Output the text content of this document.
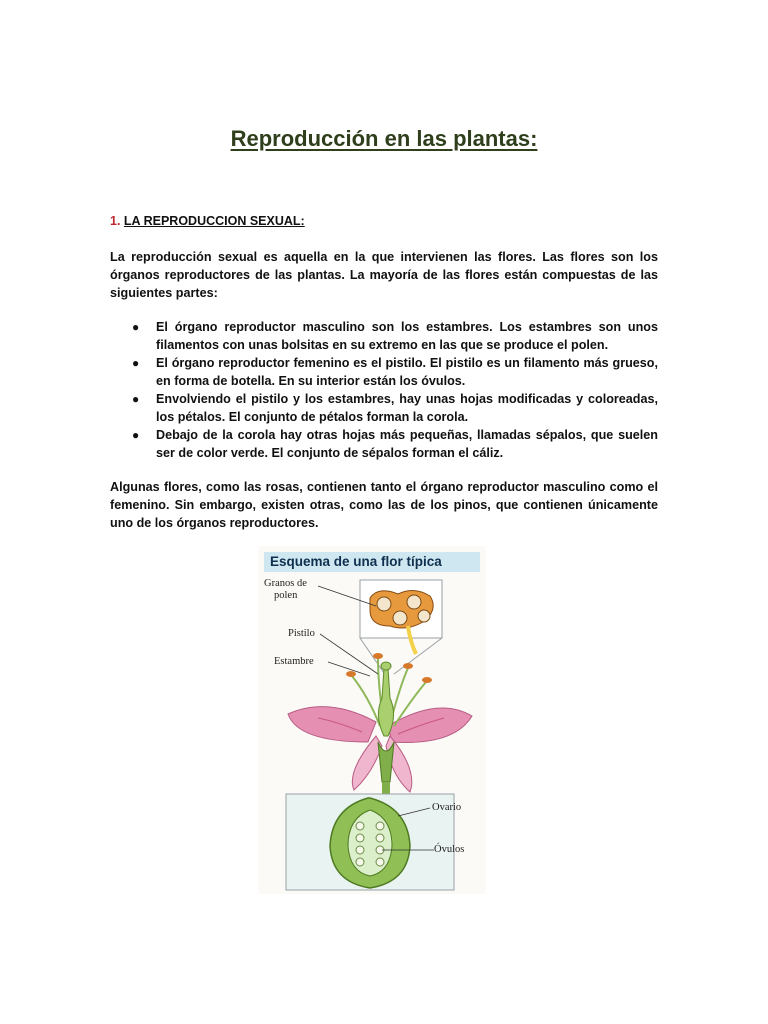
Reproducción en las plantas:
1. LA REPRODUCCION SEXUAL:
La reproducción sexual es aquella en la que intervienen las flores. Las flores son los órganos reproductores de las plantas. La mayoría de las flores están compuestas de las siguientes partes:
● El órgano reproductor masculino son los estambres. Los estambres son unos filamentos con unas bolsitas en su extremo en las que se produce el polen.
● El órgano reproductor femenino es el pistilo. El pistilo es un filamento más grueso, en forma de botella. En su interior están los óvulos.
● Envolviendo el pistilo y los estambres, hay unas hojas modificadas y coloreadas, los pétalos. El conjunto de pétalos forman la corola.
● Debajo de la corola hay otras hojas más pequeñas, llamadas sépalos, que suelen ser de color verde. El conjunto de sépalos forman el cáliz.
Algunas flores, como las rosas, contienen tanto el órgano reproductor masculino como el femenino. Sin embargo, existen otras, como las de los pinos, que contienen únicamente uno de los órganos reproductores.
Esquema de una flor típica
Granos de
polen
Pistilo
Estambre
Ovario
Óvulos
